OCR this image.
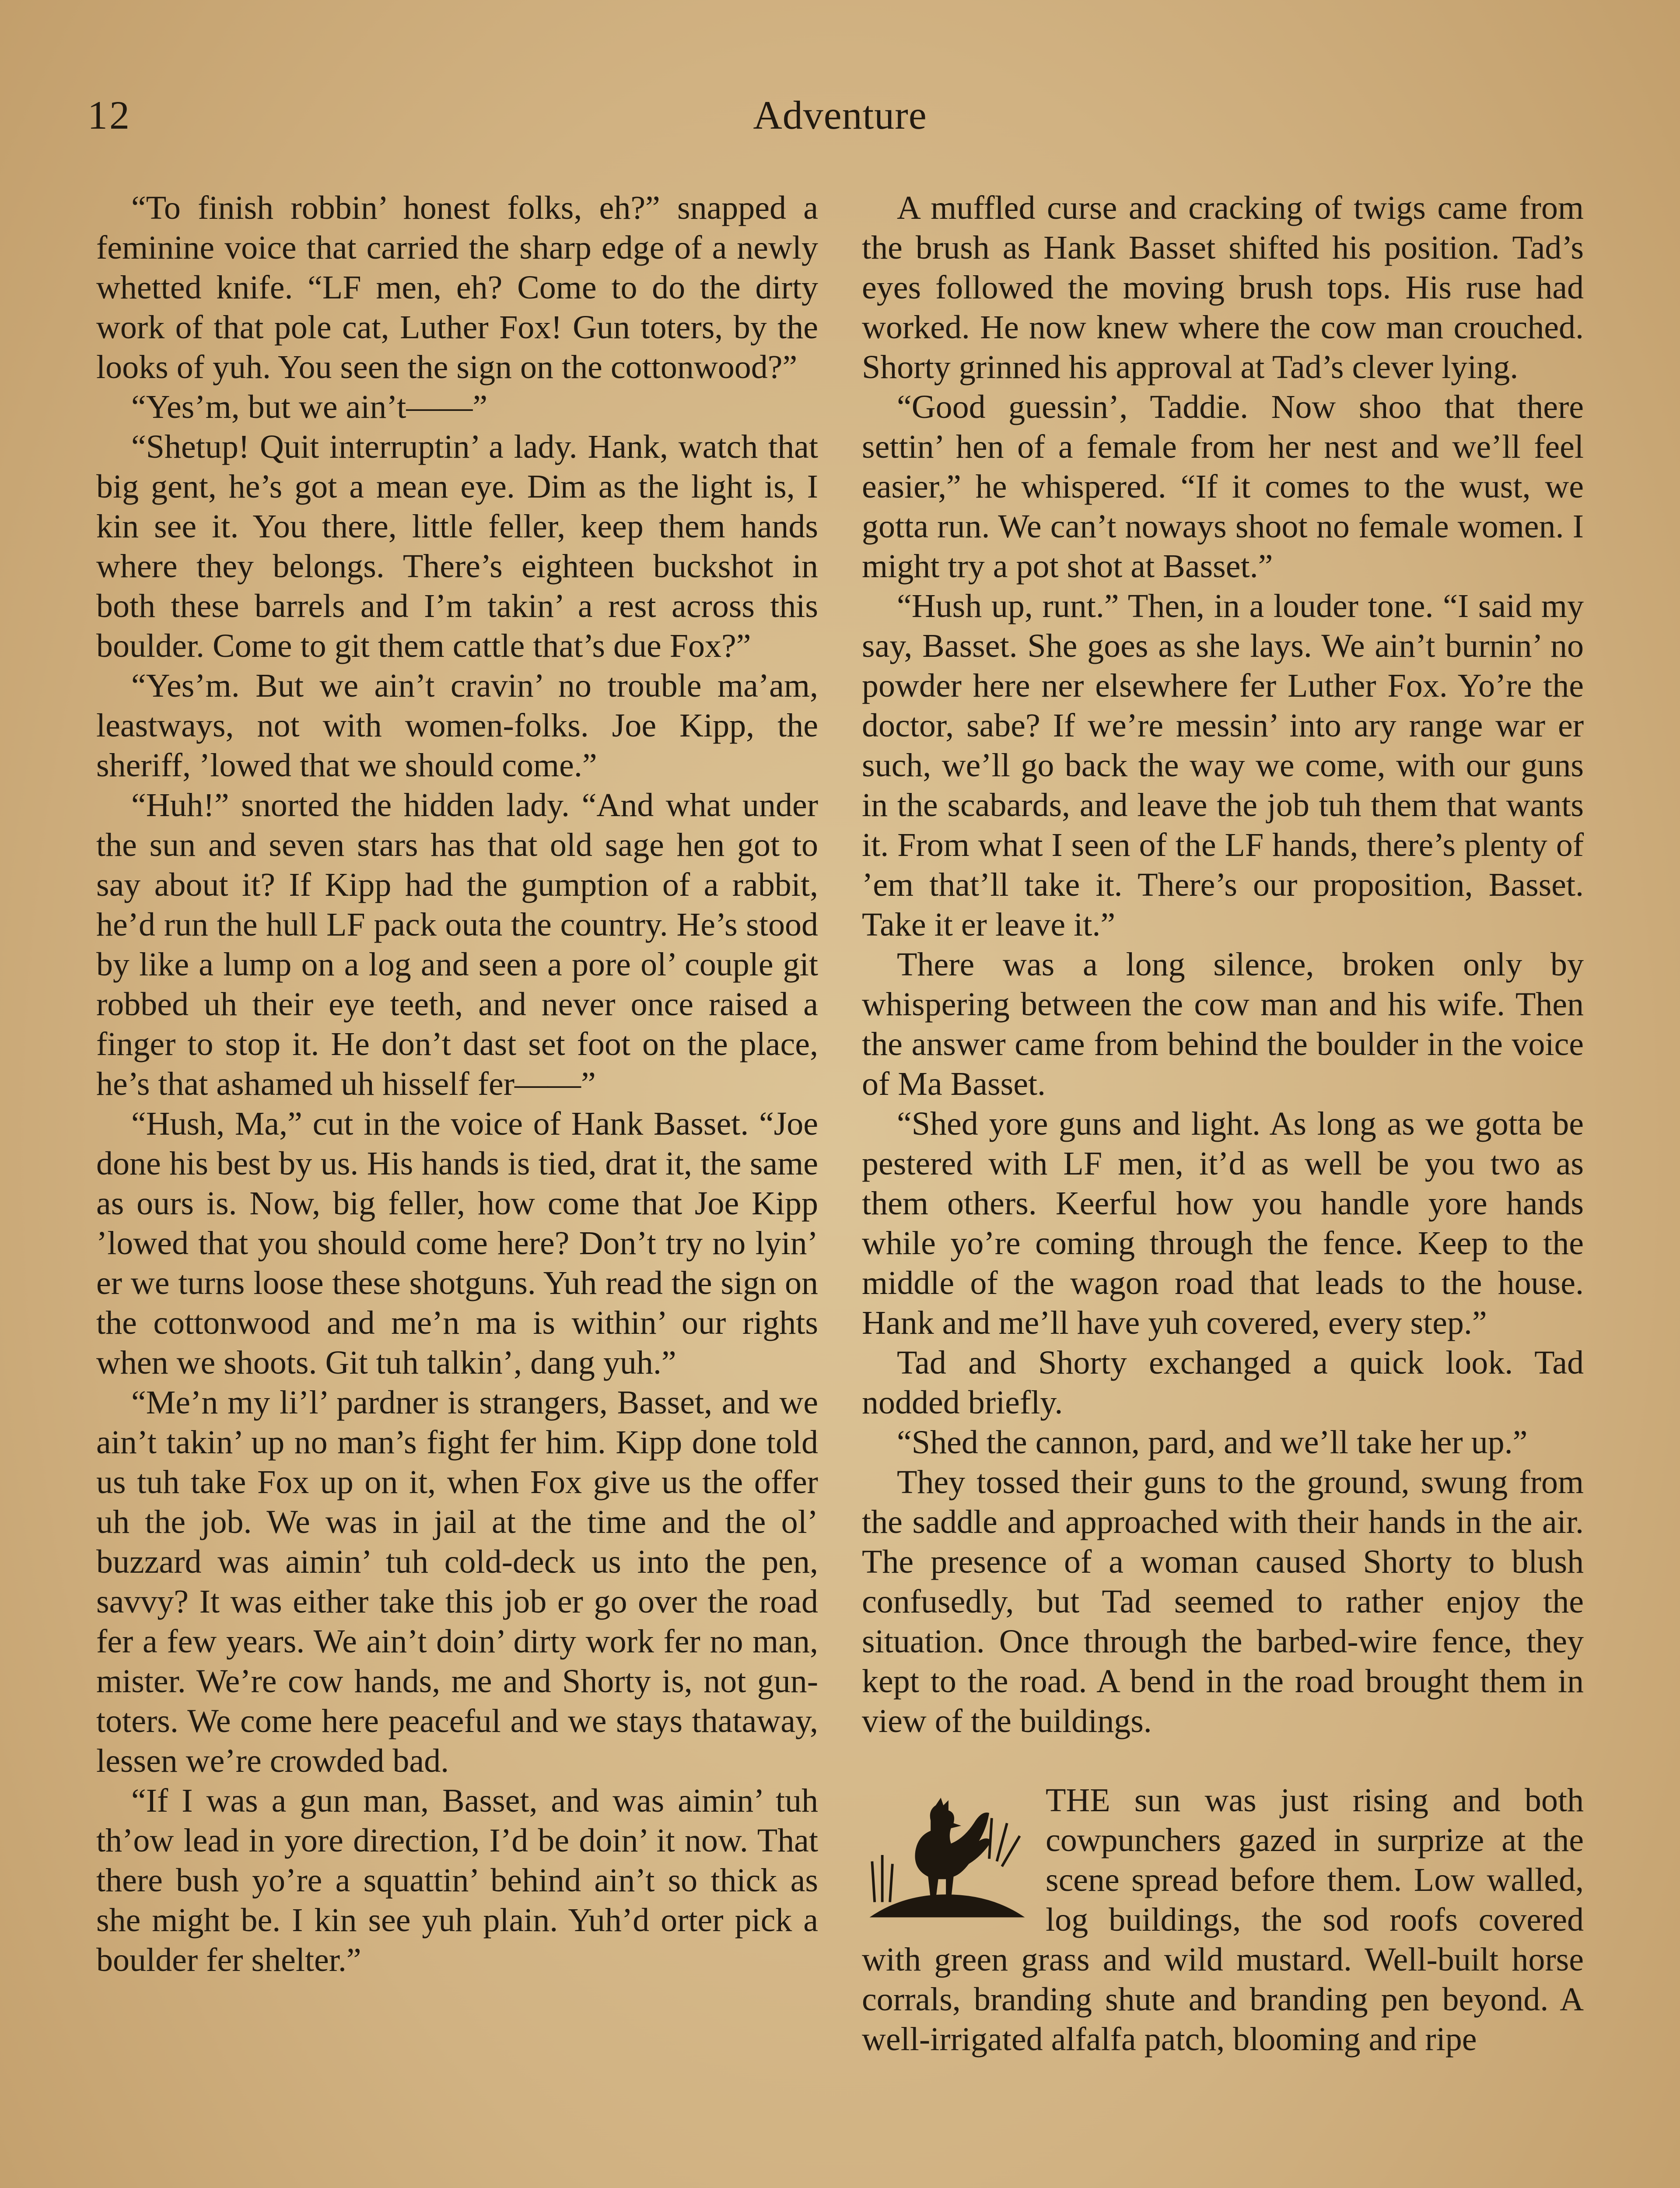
12	Adventure

“To finish robbin’ honest folks, eh?” snapped a feminine voice that carried the sharp edge of a newly whetted knife. “LF men, eh? Come to do the dirty work of that pole cat, Luther Fox! Gun toters, by the looks of yuh. You seen the sign on the cottonwood?”

“Yes’m, but we ain’t——”

“Shetup! Quit interruptin’ a lady. Hank, watch that big gent, he’s got a mean eye. Dim as the light is, I kin see it. You there, little feller, keep them hands where they belongs. There’s eighteen buckshot in both these barrels and I’m takin’ a rest across this boulder. Come to git them cattle that’s due Fox?”

“Yes’m. But we ain’t cravin’ no trouble ma’am, leastways, not with women-folks. Joe Kipp, the sheriff, ’lowed that we should come.”

“Huh!” snorted the hidden lady. “And what under the sun and seven stars has that old sage hen got to say about it? If Kipp had the gumption of a rabbit, he’d run the hull LF pack outa the country. He’s stood by like a lump on a log and seen a pore ol’ couple git robbed uh their eye teeth, and never once raised a finger to stop it. He don’t dast set foot on the place, he’s that ashamed uh hisself fer——”

“Hush, Ma,” cut in the voice of Hank Basset. “Joe done his best by us. His hands is tied, drat it, the same as ours is. Now, big feller, how come that Joe Kipp ’lowed that you should come here? Don’t try no lyin’ er we turns loose these shotguns. Yuh read the sign on the cottonwood and me’n ma is within’ our rights when we shoots. Git tuh talkin’, dang yuh.”

“Me’n my li’l’ pardner is strangers, Basset, and we ain’t takin’ up no man’s fight fer him. Kipp done told us tuh take Fox up on it, when Fox give us the offer uh the job. We was in jail at the time and the ol’ buzzard was aimin’ tuh cold-deck us into the pen, savvy? It was either take this job er go over the road fer a few years. We ain’t doin’ dirty work fer no man, mister. We’re cow hands, me and Shorty is, not gun-toters. We come here peaceful and we stays thataway, lessen we’re crowded bad.

“If I was a gun man, Basset, and was aimin’ tuh th’ow lead in yore direction, I’d be doin’ it now. That there bush yo’re a squattin’ behind ain’t so thick as she might be. I kin see yuh plain. Yuh’d orter pick a boulder fer shelter.”

A muffled curse and cracking of twigs came from the brush as Hank Basset shifted his position. Tad’s eyes followed the moving brush tops. His ruse had worked. He now knew where the cow man crouched. Shorty grinned his approval at Tad’s clever lying.

“Good guessin’, Taddie. Now shoo that there settin’ hen of a female from her nest and we’ll feel easier,” he whispered. “If it comes to the wust, we gotta run. We can’t noways shoot no female women. I might try a pot shot at Basset.”

“Hush up, runt.” Then, in a louder tone. “I said my say, Basset. She goes as she lays. We ain’t burnin’ no powder here ner elsewhere fer Luther Fox. Yo’re the doctor, sabe? If we’re messin’ into ary range war er such, we’ll go back the way we come, with our guns in the scabards, and leave the job tuh them that wants it. From what I seen of the LF hands, there’s plenty of ’em that’ll take it. There’s our proposition, Basset. Take it er leave it.”

There was a long silence, broken only by whispering between the cow man and his wife. Then the answer came from behind the boulder in the voice of Ma Basset.

“Shed yore guns and light. As long as we gotta be pestered with LF men, it’d as well be you two as them others. Keerful how you handle yore hands while yo’re coming through the fence. Keep to the middle of the wagon road that leads to the house. Hank and me’ll have yuh covered, every step.”

Tad and Shorty exchanged a quick look. Tad nodded briefly.

“Shed the cannon, pard, and we’ll take her up.”

They tossed their guns to the ground, swung from the saddle and approached with their hands in the air. The presence of a woman caused Shorty to blush confusedly, but Tad seemed to rather enjoy the situation. Once through the barbed-wire fence, they kept to the road. A bend in the road brought them in view of the buildings.

THE sun was just rising and both cowpunchers gazed in surprize at the scene spread before them. Low walled, log buildings, the sod roofs covered with green grass and wild mustard. Well-built horse corrals, branding shute and branding pen beyond. A well-irrigated alfalfa patch, blooming and ripe
